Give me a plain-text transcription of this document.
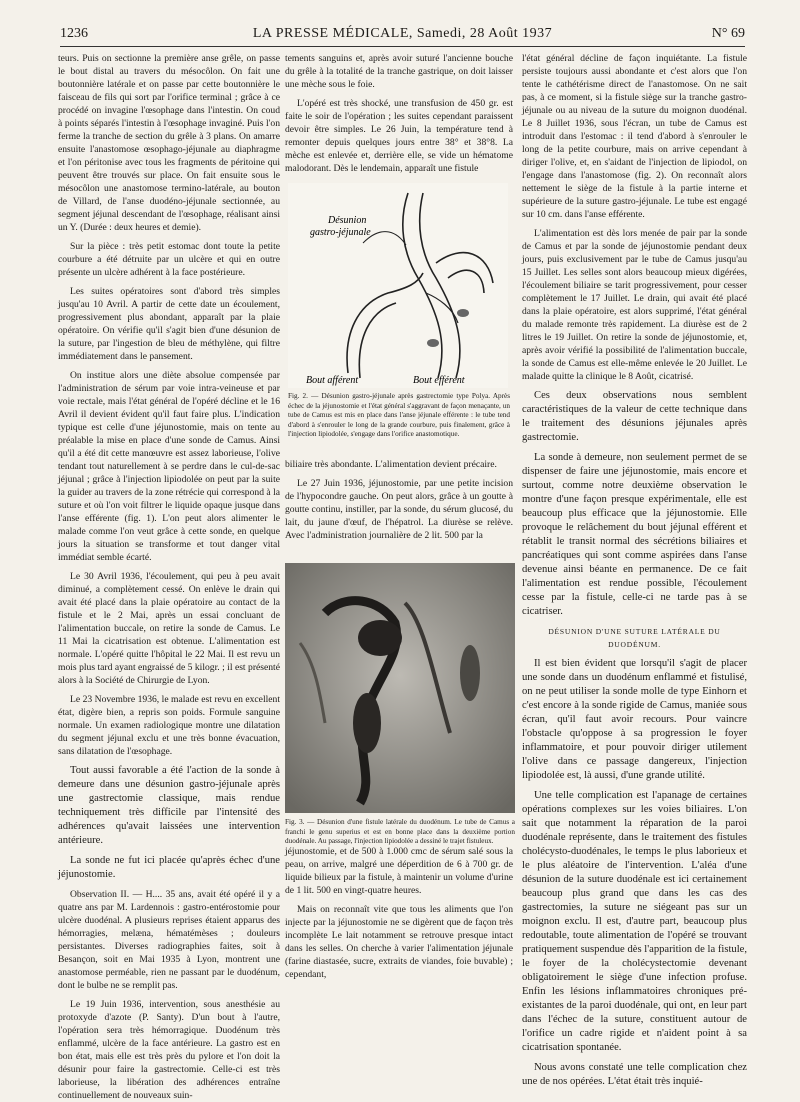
1236	LA PRESSE MÉDICALE, Samedi, 28 Août 1937	N° 69

teurs. Puis on sectionne la première anse grêle, on passe le bout distal au travers du mésocôlon. On fait une boutonnière latérale et on passe par cette boutonnière le faisceau de fils qui sort par l'orifice terminal ; grâce à ce procédé on invagine l'œsophage dans l'intestin. On coud à points séparés l'intestin à l'œsophage invaginé. Puis l'on ferme la tranche de section du grêle à 3 plans. On amarre ensuite l'anastomose œsophago-jéjunale au diaphragme et l'on péritonise avec tous les fragments de péritoine qui peuvent être trouvés sur place. On fait ensuite sous le mésocôlon une anastomose termino-latérale, au bouton de Villard, de l'anse duodéno-jéjunale sectionnée, au segment jéjunal descendant de l'œsophage, réalisant ainsi un Y. (Durée : deux heures et demie).

Sur la pièce : très petit estomac dont toute la petite courbure a été détruite par un ulcère et qui en outre présente un ulcère adhérent à la face postérieure.

Les suites opératoires sont d'abord très simples jusqu'au 10 Avril. A partir de cette date un écoulement, progressivement plus abondant, apparaît par la plaie opératoire. On vérifie qu'il s'agit bien d'une désunion de la suture, par l'ingestion de bleu de méthylène, qui filtre immédiatement dans le pansement.

On institue alors une diète absolue compensée par l'administration de sérum par voie intra-veineuse et par voie rectale, mais l'état général de l'opéré décline et le 16 Avril il devient évident qu'il faut faire plus. L'indication typique est celle d'une jéjunostomie, mais on tente au préalable la mise en place d'une sonde de Camus. Ainsi qu'il a été dit cette manœuvre est assez laborieuse, l'olive tendant tout naturellement à se perdre dans le cul-de-sac jéjunal ; grâce à l'injection lipiodolée on peut par la suite la guider au travers de la zone rétrécie qui correspond à la suture et où l'on voit filtrer le liquide opaque jusque dans l'anse efférente (fig. 1). L'on peut alors alimenter le malade comme l'on veut grâce à cette sonde, en quelque jours la situation se transforme et tout danger vital immédiat semble écarté.

Le 30 Avril 1936, l'écoulement, qui peu à peu avait diminué, a complètement cessé. On enlève le drain qui avait été placé dans la plaie opératoire au contact de la fistule et le 2 Mai, après un essai concluant de l'alimentation buccale, on retire la sonde de Camus. Le 11 Mai la cicatrisation est obtenue. L'alimentation est normale. L'opéré quitte l'hôpital le 22 Mai. Il est revu un mois plus tard ayant engraissé de 5 kilogr. ; il est présenté alors à la Société de Chirurgie de Lyon.

Le 23 Novembre 1936, le malade est revu en excellent état, digère bien, a repris son poids. Formule sanguine normale. Un examen radiologique montre une dilatation du segment jéjunal exclu et une très bonne évacuation, sans dilatation de l'œsophage.

Tout aussi favorable a été l'action de la sonde à demeure dans une désunion gastro-jéjunale après une gastrectomie classique, mais rendue techniquement très difficile par l'intensité des adhérences qu'avait laissées une intervention antérieure.

La sonde ne fut ici placée qu'après échec d'une jéjunostomie.

Observation II. — H.... 35 ans, avait été opéré il y a quatre ans par M. Lardennois : gastro-entérostomie pour ulcère duodénal. A plusieurs reprises étaient apparus des hémorragies, melæna, hématémèses ; douleurs persistantes. Diverses radiographies faites, soit à Besançon, soit en Mai 1935 à Lyon, montrent une anastomose perméable, rien ne passant par le duodénum, dont le bulbe ne se remplit pas.

Le 19 Juin 1936, intervention, sous anesthésie au protoxyde d'azote (P. Santy). D'un bout à l'autre, l'opération sera très hémorragique. Duodénum très enflammé, ulcère de la face antérieure. La gastro est en bon état, mais elle est très près du pylore et l'on doit la désunir pour faire la gastrectomie. Celle-ci est très laborieuse, la libération des adhérences entraîne continuellement de nouveaux suin-

tements sanguins et, après avoir suturé l'ancienne bouche du grêle à la totalité de la tranche gastrique, on doit laisser une mèche sous le foie.

L'opéré est très shocké, une transfusion de 450 gr. est faite le soir de l'opération ; les suites cependant paraissent devoir être simples. Le 26 Juin, la température tend à remonter depuis quelques jours entre 38° et 38°8. La mèche est enlevée et, derrière elle, se vide un hématome malodorant. Dès le lendemain, apparaît une fistule

Désunion
gastro-jéjunale
Bout afférent	Bout efférent
Fig. 2. — Désunion gastro-jéjunale après gastrectomie type Polya. Après échec de la jéjunostomie et l'état général s'aggravant de façon menaçante, un tube de Camus est mis en place dans l'anse jéjunale efférente : le tube tend d'abord à s'enrouler le long de la grande courbure, puis finalement, grâce à l'injection lipiodolée, s'engage dans l'orifice anastomotique.

biliaire très abondante. L'alimentation devient précaire.

Le 27 Juin 1936, jéjunostomie, par une petite incision de l'hypocondre gauche. On peut alors, grâce à un goutte à goutte continu, instiller, par la sonde, du sérum glucosé, du lait, du jaune d'œuf, de l'hépatrol. La diurèse se relève. Avec l'administration journalière de 2 lit. 500 par la

Fig. 3. — Désunion d'une fistule latérale du duodénum. Le tube de Camus a franchi le genu superius et est en bonne place dans la deuxième portion duodénale. Au passage, l'injection lipiodolée a dessiné le trajet fistuleux.

jéjunostomie, et de 500 à 1.000 cmc de sérum salé sous la peau, on arrive, malgré une déperdition de 6 à 700 gr. de liquide bilieux par la fistule, à maintenir un volume d'urine de 1 lit. 500 en vingt-quatre heures.

Mais on reconnaît vite que tous les aliments que l'on injecte par la jéjunostomie ne se digèrent que de façon très incomplète Le lait notamment se retrouve presque intact dans les selles. On cherche à varier l'alimentation jéjunale (farine diastasée, sucre, extraits de viandes, foie buvable) ; cependant,

l'état général décline de façon inquiétante. La fistule persiste toujours aussi abondante et c'est alors que l'on tente le cathétérisme direct de l'anastomose. On ne sait pas, à ce moment, si la fistule siège sur la tranche gastro-jéjunale ou au niveau de la suture du moignon duodénal. Le 8 Juillet 1936, sous l'écran, un tube de Camus est introduit dans l'estomac : il tend d'abord à s'enrouler le long de la petite courbure, mais on arrive cependant à diriger l'olive, et, en s'aidant de l'injection de lipiodol, on l'engage dans l'anastomose (fig. 2). On reconnaît alors nettement le siège de la fistule à la partie interne et supérieure de la suture gastro-jéjunale. Le tube est engagé sur 10 cm. dans l'anse efférente.

L'alimentation est dès lors menée de pair par la sonde de Camus et par la sonde de jéjunostomie pendant deux jours, puis exclusivement par le tube de Camus jusqu'au 15 Juillet. Les selles sont alors beaucoup mieux digérées, l'écoulement biliaire se tarit progressivement, pour cesser complètement le 17 Juillet. Le drain, qui avait été placé dans la plaie opératoire, est alors supprimé, l'état général du malade remonte très rapidement. La diurèse est de 2 litres le 19 Juillet. On retire la sonde de jéjunostomie, et, après avoir vérifié la possibilité de l'alimentation buccale, la sonde de Camus est elle-même enlevée le 20 Juillet. Le malade quitte la clinique le 8 Août, cicatrisé.

Ces deux observations nous semblent caractéristiques de la valeur de cette technique dans le traitement des désunions jéjunales après gastrectomie.

La sonde à demeure, non seulement permet de se dispenser de faire une jéjunostomie, mais encore et surtout, comme notre deuxième observation le montre d'une façon presque expérimentale, elle est beaucoup plus efficace que la jéjunostomie. Elle provoque le relâchement du bout jéjunal efférent et rétablit le transit normal des sécrétions biliaires et pancréatiques qui sont comme aspirées dans l'anse devenue ainsi béante en permanence. De ce fait l'alimentation est rendue possible, l'écoulement cesse par la fistule, celle-ci ne tarde pas à se cicatriser.

DÉSUNION D'UNE SUTURE LATÉRALE DU DUODÉNUM.

Il est bien évident que lorsqu'il s'agit de placer une sonde dans un duodénum enflammé et fistulisé, on ne peut utiliser la sonde molle de type Einhorn et c'est encore à la sonde rigide de Camus, maniée sous écran, qu'il faut avoir recours. Pour vaincre l'obstacle qu'oppose à sa progression le foyer inflammatoire, et pour pouvoir diriger utilement l'olive dans ce passage dangereux, l'injection lipiodolée est, là aussi, d'une grande utilité.

Une telle complication est l'apanage de certaines opérations complexes sur les voies biliaires. L'on sait que notamment la réparation de la paroi duodénale représente, dans le traitement des fistules cholécysto-duodénales, le temps le plus laborieux et le plus aléatoire de l'intervention. L'aléa d'une désunion de la suture duodénale est ici certainement beaucoup plus grand que dans les cas des gastrectomies, la suture ne siégeant pas sur un moignon exclu. Il est, d'autre part, beaucoup plus redoutable, toute alimentation de l'opéré se trouvant pratiquement suspendue dès l'apparition de la fistule, le foyer de la cholécystectomie devenant obligatoirement le siège d'une infection profuse. Enfin les lésions inflammatoires chroniques pré-existantes de la paroi duodénale, qui ont, en leur part dans l'échec de la suture, constituent autour de l'orifice un cadre rigide et n'aident point à sa cicatrisation spontanée.

Nous avons constaté une telle complication chez une de nos opérées. L'état était très inquié-
